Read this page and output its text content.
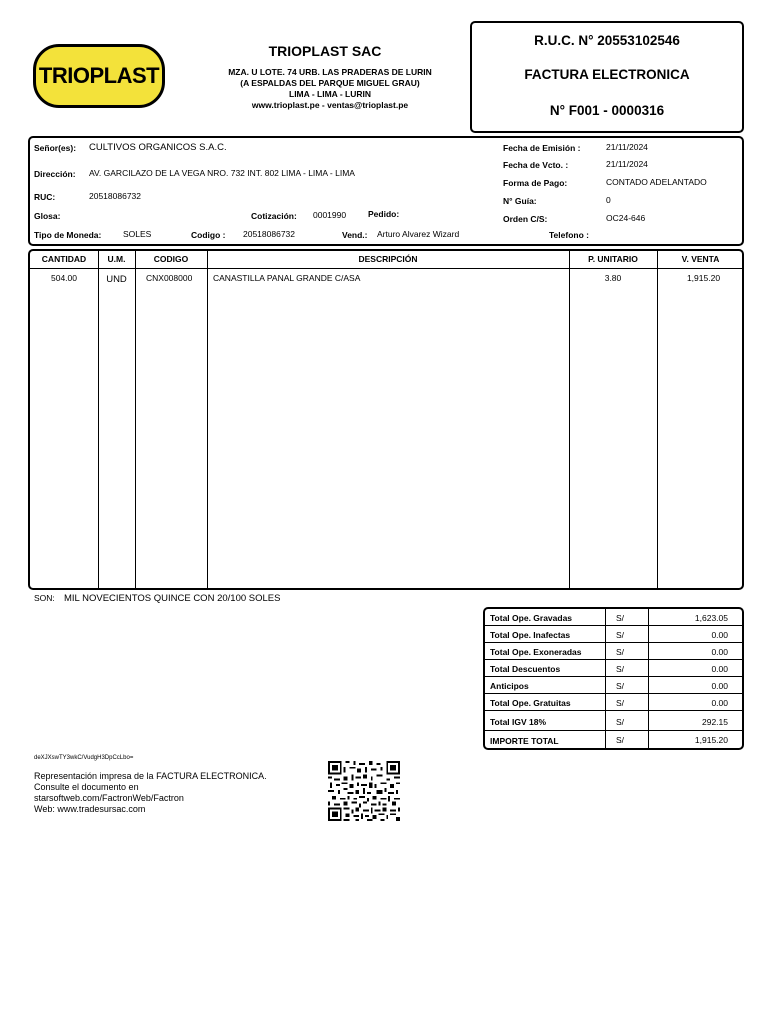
TRIOPLAST
TRIOPLAST SAC
MZA. U LOTE. 74 URB. LAS PRADERAS DE LURIN
(A ESPALDAS DEL PARQUE MIGUEL GRAU)
LIMA - LIMA - LURIN
www.trioplast.pe - ventas@trioplast.pe
R.U.C. N° 20553102546
FACTURA ELECTRONICA
N° F001 - 0000316
Señor(es): CULTIVOS ORGANICOS S.A.C.
Dirección: AV. GARCILAZO DE LA VEGA NRO. 732 INT. 802 LIMA - LIMA - LIMA
RUC:	20518086732
Glosa:	Cotización: 0001990	Pedido:
Tipo de Moneda:	SOLES	Codigo : 20518086732	Vend.: Arturo Alvarez Wizard
Fecha de Emisión :	21/11/2024
Fecha de Vcto. :	21/11/2024
Forma de Pago:	CONTADO ADELANTADO
N° Guía:	0
Orden C/S:	OC24-646
Telefono :
CANTIDAD	U.M.	CODIGO	DESCRIPCIÓN	P. UNITARIO	V. VENTA
504.00	UND	CNX008000 CANASTILLA PANAL GRANDE C/ASA	3.80	1,915.20
SON: MIL NOVECIENTOS QUINCE CON 20/100 SOLES
Total Ope. Gravadas	S/	1,623.05
Total Ope. Inafectas	S/	0.00
Total Ope. Exoneradas	S/	0.00
Total Descuentos	S/	0.00
Anticipos	S/	0.00
Total Ope. Gratuitas	S/	0.00
Total IGV 18%	S/	292.15
IMPORTE TOTAL	S/	1,915.20
deXJXswTY3wkC/VudgH3DpCcLbo=
Representación impresa de la FACTURA ELECTRONICA.
Consulte el documento en
starsoftweb.com/FactronWeb/Factron
Web: www.tradesursac.com
